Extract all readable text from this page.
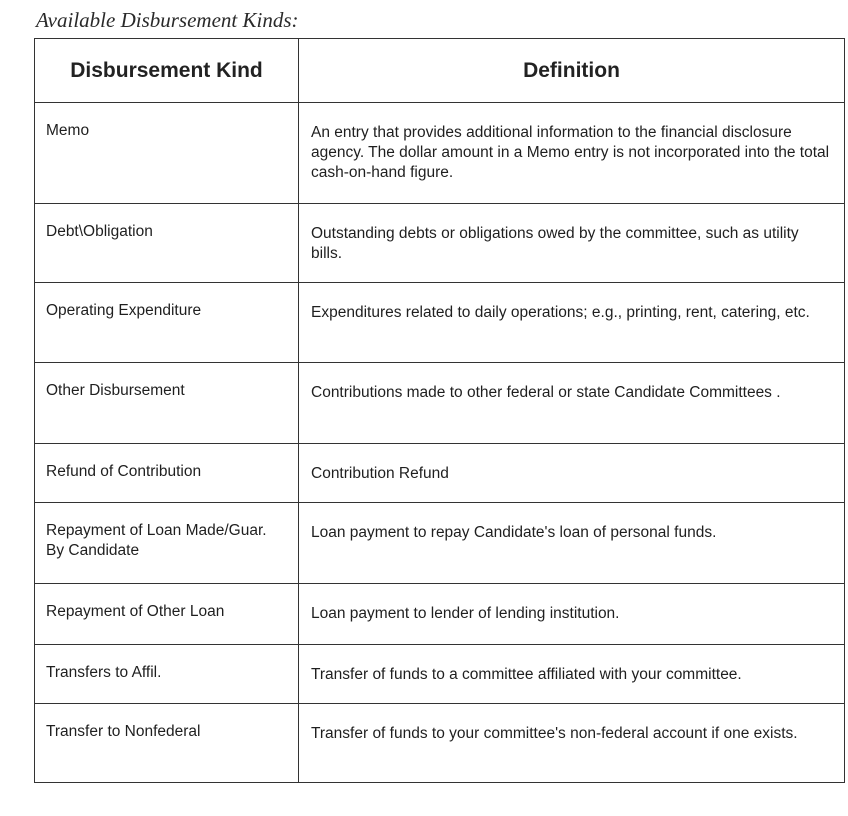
Available Disbursement Kinds:
Disbursement Kind	Definition
Memo	An entry that provides additional information to the financial disclosure agency. The dollar amount in a Memo entry is not incorporated into the total cash-on-hand figure.
Debt\Obligation	Outstanding debts or obligations owed by the committee, such as utility bills.
Operating Expenditure	Expenditures related to daily operations; e.g., printing, rent, catering, etc.
Other Disbursement	Contributions made to other federal or state Candidate Committees .
Refund of Contribution	Contribution Refund
Repayment of Loan Made/Guar. By Candidate	Loan payment to repay Candidate's loan of personal funds.
Repayment of Other Loan	Loan payment to lender of lending institution.
Transfers to Affil.	Transfer of funds to a committee affiliated with your committee.
Transfer to Nonfederal	Transfer of funds to your committee's non-federal account if one exists.
